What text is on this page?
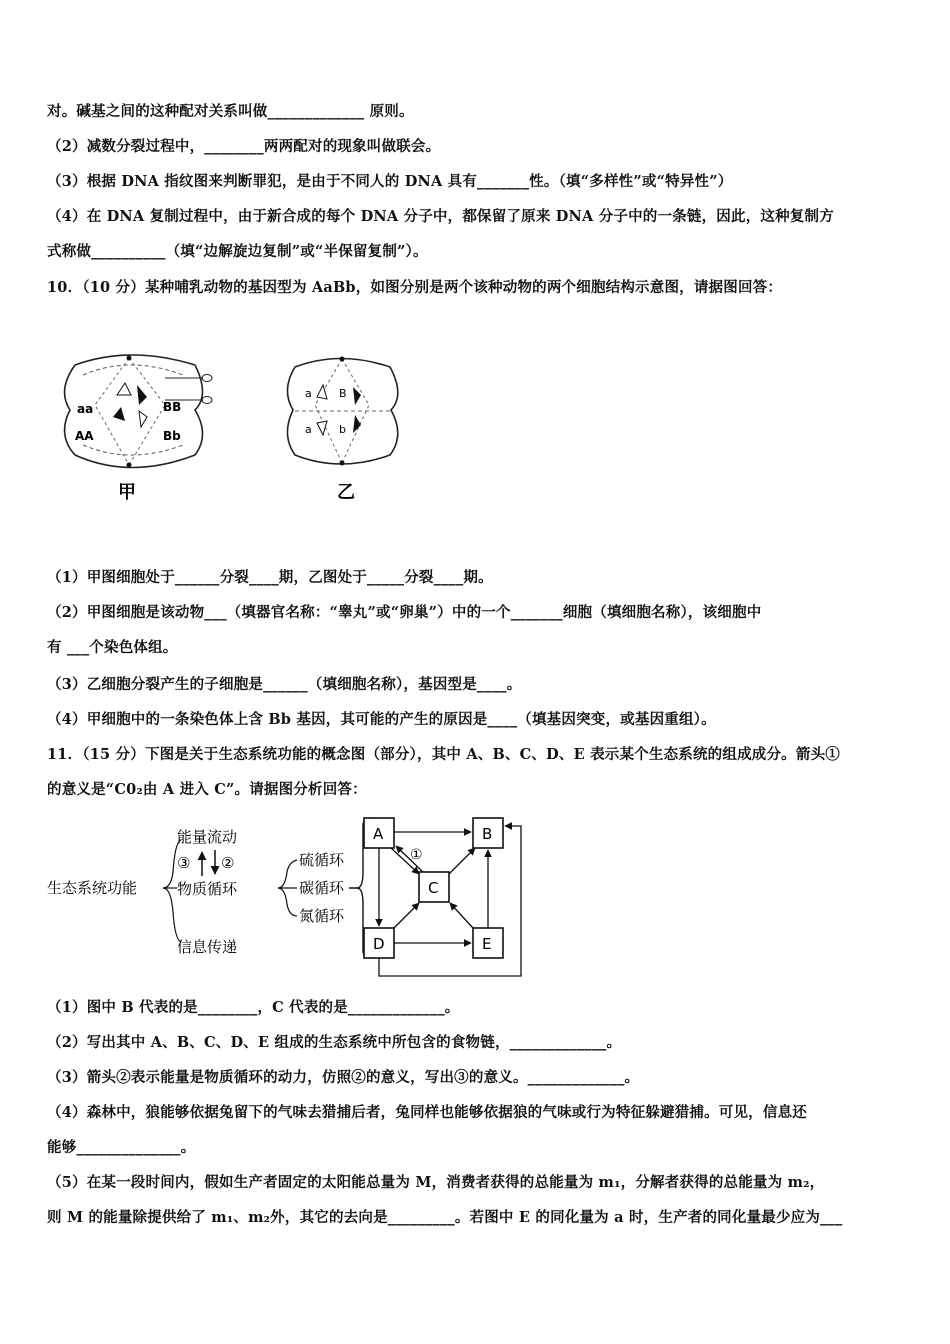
对。碱基之间的这种配对关系叫做_____________ 原则。
（2）减数分裂过程中，________两两配对的现象叫做联会。
（3）根据 DNA 指纹图来判断罪犯，是由于不同人的 DNA 具有_______性。（填“多样性”或“特异性”）
（4）在 DNA 复制过程中，由于新合成的每个 DNA 分子中，都保留了原来 DNA 分子中的一条链，因此，这种复制方
式称做__________（填“边解旋边复制”或“半保留复制”）。
10．（10 分）某种哺乳动物的基因型为 AaBb，如图分别是两个该种动物的两个细胞结构示意图，请据图回答：
aa	BB
AA	Bb
甲
a B
a b
乙
（1）甲图细胞处于______分裂____期，乙图处于_____分裂____期。
（2）甲图细胞是该动物___（填器官名称：“睾丸”或“卵巢”）中的一个_______细胞（填细胞名称），该细胞中
有 ___个染色体组。
（3）乙细胞分裂产生的子细胞是______（填细胞名称），基因型是____。
（4）甲细胞中的一条染色体上含 Bb 基因，其可能的产生的原因是____（填基因突变，或基因重组）。
11．（15 分）下图是关于生态系统功能的概念图（部分），其中 A、B、C、D、E 表示某个生态系统的组成成分。箭头①
的意义是“C0₂由 A 进入 C”。请据图分析回答：
生态系统功能
能量流动
物质循环
信息传递
③ ②	硫循环
碳循环
氮循环
A	B
C
D	E
①
（1）图中 B 代表的是________，C 代表的是_____________。
（2）写出其中 A、B、C、D、E 组成的生态系统中所包含的食物链，_____________。
（3）箭头②表示能量是物质循环的动力，仿照②的意义，写出③的意义。_____________。
（4）森林中，狼能够依据兔留下的气味去猎捕后者，兔同样也能够依据狼的气味或行为特征躲避猎捕。可见，信息还
能够______________。
（5）在某一段时间内，假如生产者固定的太阳能总量为 M，消费者获得的总能量为 m₁，分解者获得的总能量为 m₂，
则 M 的能量除提供给了 m₁、m₂外，其它的去向是_________。若图中 E 的同化量为 a 时，生产者的同化量最少应为___
